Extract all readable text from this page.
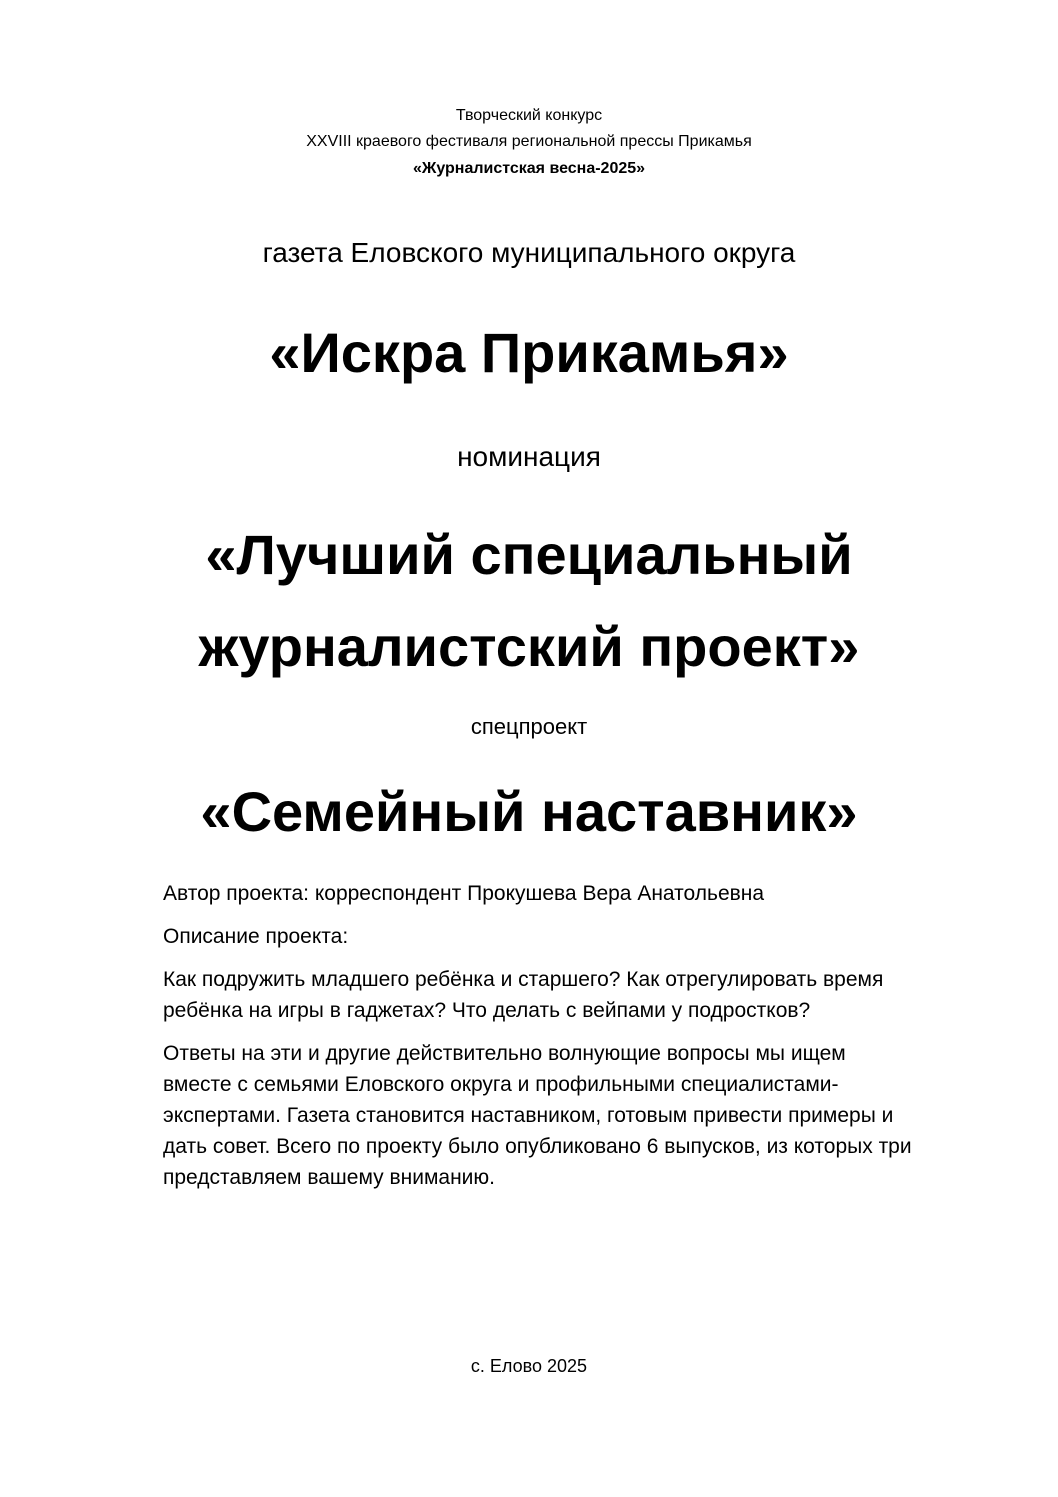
Творческий конкурс
XXVIII краевого фестиваля региональной прессы Прикамья
«Журналистская весна-2025»
газета Еловского муниципального округа
«Искра Прикамья»
номинация
«Лучший специальный
журналистский проект»
спецпроект
«Семейный наставник»

Автор проекта: корреспондент Прокушева Вера Анатольевна

Описание проекта:

Как подружить младшего ребёнка и старшего? Как отрегулировать время

ребёнка на игры в гаджетах? Что делать с вейпами у подростков?

Ответы на эти и другие действительно волнующие вопросы мы ищем

вместе с семьями Еловского округа и профильными специалистами-

экспертами. Газета становится наставником, готовым привести примеры и

дать совет. Всего по проекту было опубликовано 6 выпусков, из которых три

представляем вашему вниманию.

с. Елово 2025
